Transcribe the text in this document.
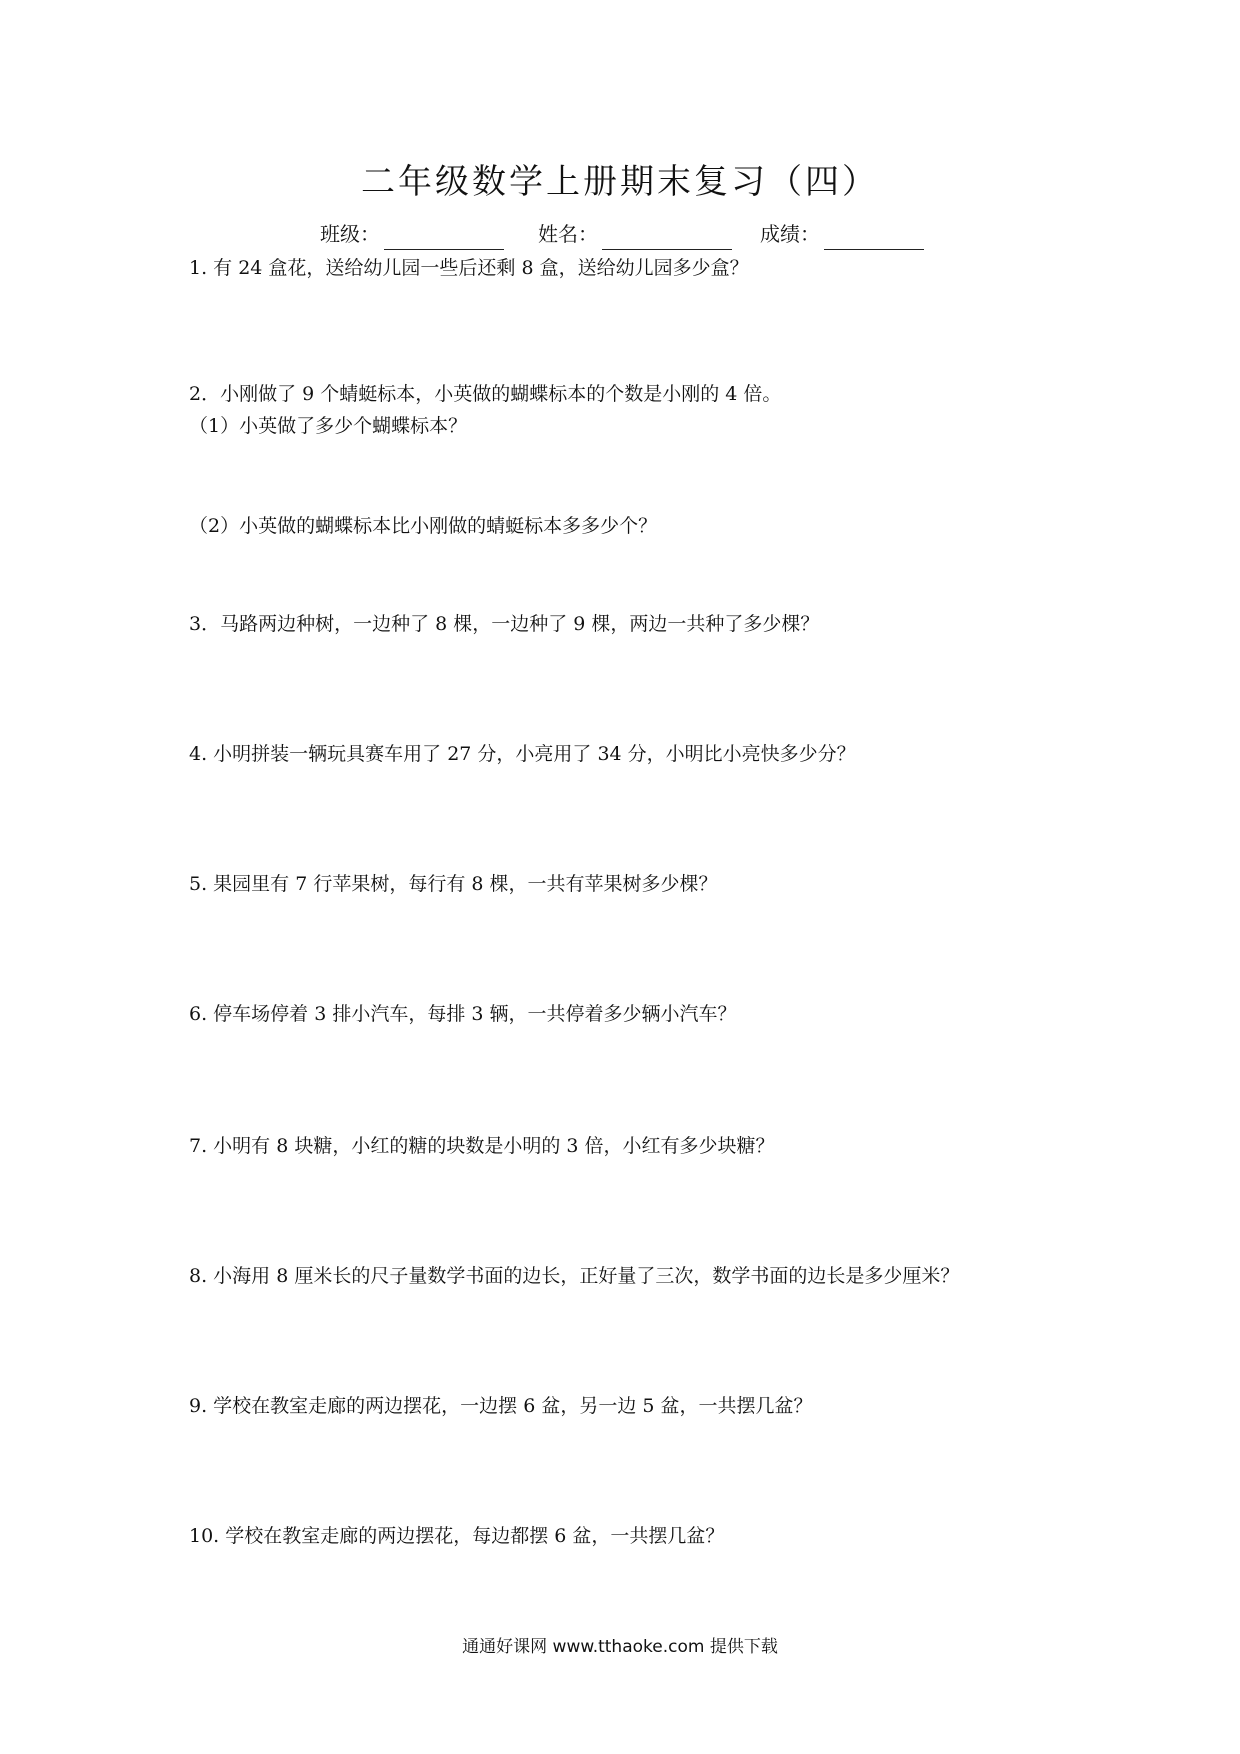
二年级数学上册期末复习（四）
班级：	姓名：	成绩：
1. 有 24 盒花，送给幼儿园一些后还剩 8 盒，送给幼儿园多少盒？
2．小刚做了 9 个蜻蜓标本，小英做的蝴蝶标本的个数是小刚的 4 倍。
（1）小英做了多少个蝴蝶标本？
（2）小英做的蝴蝶标本比小刚做的蜻蜓标本多多少个？
3．马路两边种树，一边种了 8 棵，一边种了 9 棵，两边一共种了多少棵？
4. 小明拼装一辆玩具赛车用了 27 分，小亮用了 34 分，小明比小亮快多少分？
5. 果园里有 7 行苹果树，每行有 8 棵，一共有苹果树多少棵？
6. 停车场停着 3 排小汽车，每排 3 辆，一共停着多少辆小汽车？
7. 小明有 8 块糖，小红的糖的块数是小明的 3 倍，小红有多少块糖？
8. 小海用 8 厘米长的尺子量数学书面的边长，正好量了三次，数学书面的边长是多少厘米？
9. 学校在教室走廊的两边摆花，一边摆 6 盆，另一边 5 盆，一共摆几盆？
10. 学校在教室走廊的两边摆花，每边都摆 6 盆，一共摆几盆？
通通好课网 www.tthaoke.com 提供下载
